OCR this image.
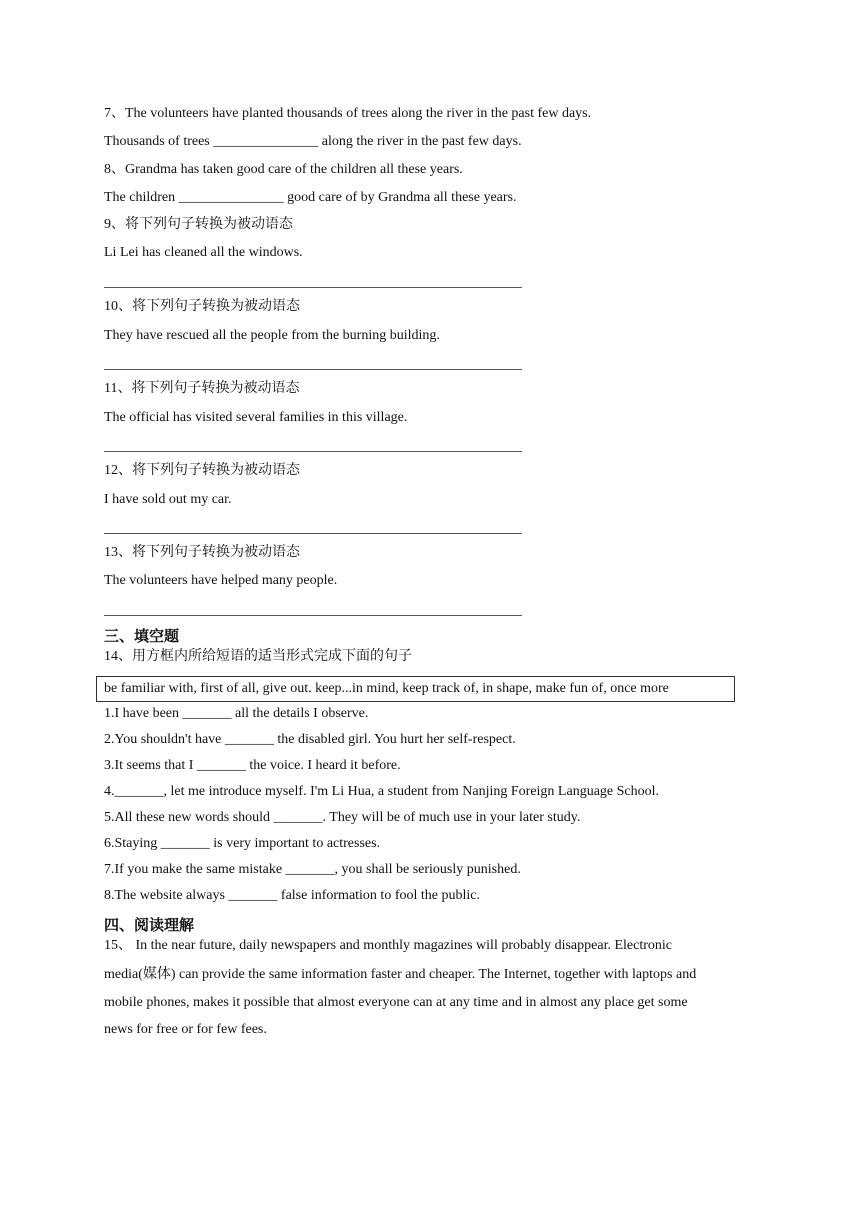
7、The volunteers have planted thousands of trees along the river in the past few days.
Thousands of trees _______________ along the river in the past few days.
8、Grandma has taken good care of the children all these years.
The children _______________ good care of by Grandma all these years.
9、将下列句子转换为被动语态
Li Lei has cleaned all the windows.
10、将下列句子转换为被动语态
They have rescued all the people from the burning building.
11、将下列句子转换为被动语态
The official has visited several families in this village.
12、将下列句子转换为被动语态
I have sold out my car.
13、将下列句子转换为被动语态
The volunteers have helped many people.
三、填空题
14、用方框内所给短语的适当形式完成下面的句子
be familiar with, first of all, give out. keep...in mind, keep track of, in shape, make fun of, once more
1.I have been _______ all the details I observe.
2.You shouldn't have _______ the disabled girl. You hurt her self-respect.
3.It seems that I _______ the voice. I heard it before.
4._______, let me introduce myself. I'm Li Hua, a student from Nanjing Foreign Language School.
5.All these new words should _______. They will be of much use in your later study.
6.Staying _______ is very important to actresses.
7.If you make the same mistake _______, you shall be seriously punished.
8.The website always _______ false information to fool the public.
四、阅读理解
15、 In the near future, daily newspapers and monthly magazines will probably disappear. Electronic
media(媒体) can provide the same information faster and cheaper. The Internet, together with laptops and
mobile phones, makes it possible that almost everyone can at any time and in almost any place get some
news for free or for few fees.
